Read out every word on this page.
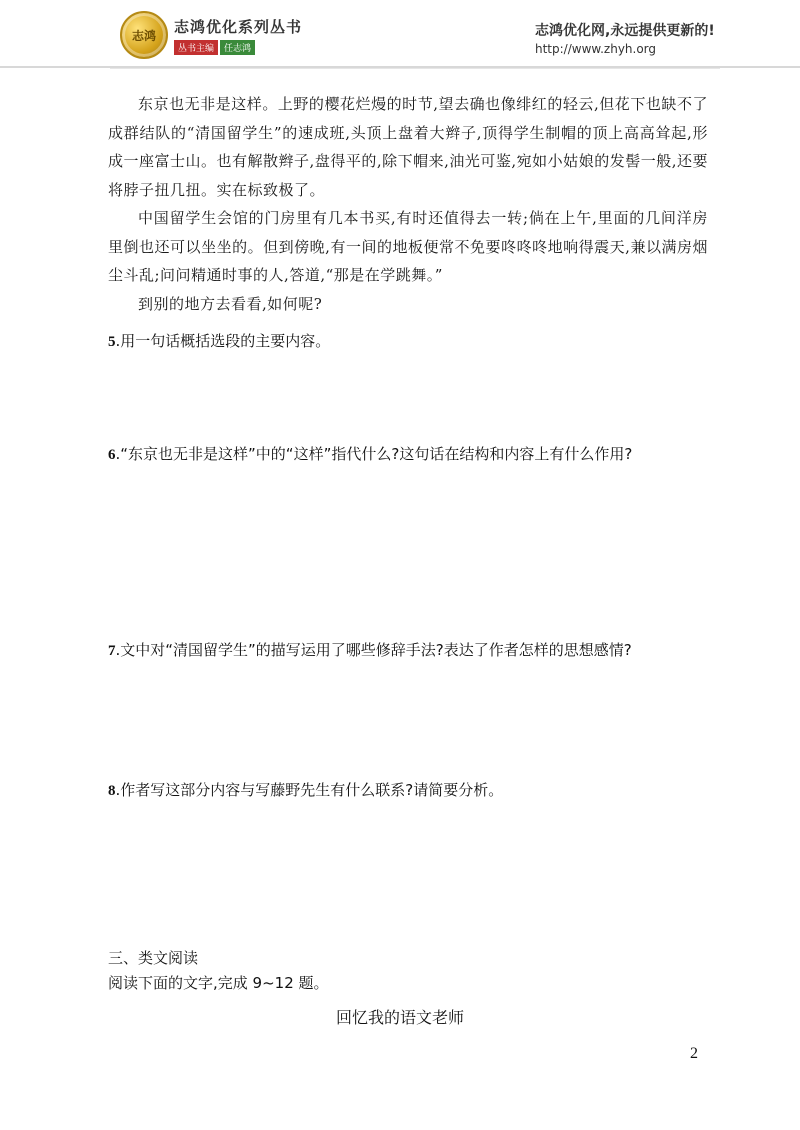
志鸿 志鸿优化系列丛书
丛书主编	任志鸿
志鸿优化网,永远提供更新的!
http://www.zhyh.org

东京也无非是这样。上野的樱花烂熳的时节,望去确也像绯红的轻云,但花下也缺不了成群结队的“清国留学生”的速成班,头顶上盘着大辫子,顶得学生制帽的顶上高高耸起,形成一座富士山。也有解散辫子,盘得平的,除下帽来,油光可鉴,宛如小姑娘的发髻一般,还要将脖子扭几扭。实在标致极了。

中国留学生会馆的门房里有几本书买,有时还值得去一转;倘在上午,里面的几间洋房里倒也还可以坐坐的。但到傍晚,有一间的地板便常不免要咚咚咚地响得震天,兼以满房烟尘斗乱;问问精通时事的人,答道,“那是在学跳舞。”

到别的地方去看看,如何呢?

5.用一句话概括选段的主要内容。
6.“东京也无非是这样”中的“这样”指代什么?这句话在结构和内容上有什么作用?
7.文中对“清国留学生”的描写运用了哪些修辞手法?表达了作者怎样的思想感情?
8.作者写这部分内容与写藤野先生有什么联系?请简要分析。
三、类文阅读
阅读下面的文字,完成 9~12 题。
回忆我的语文老师
2
